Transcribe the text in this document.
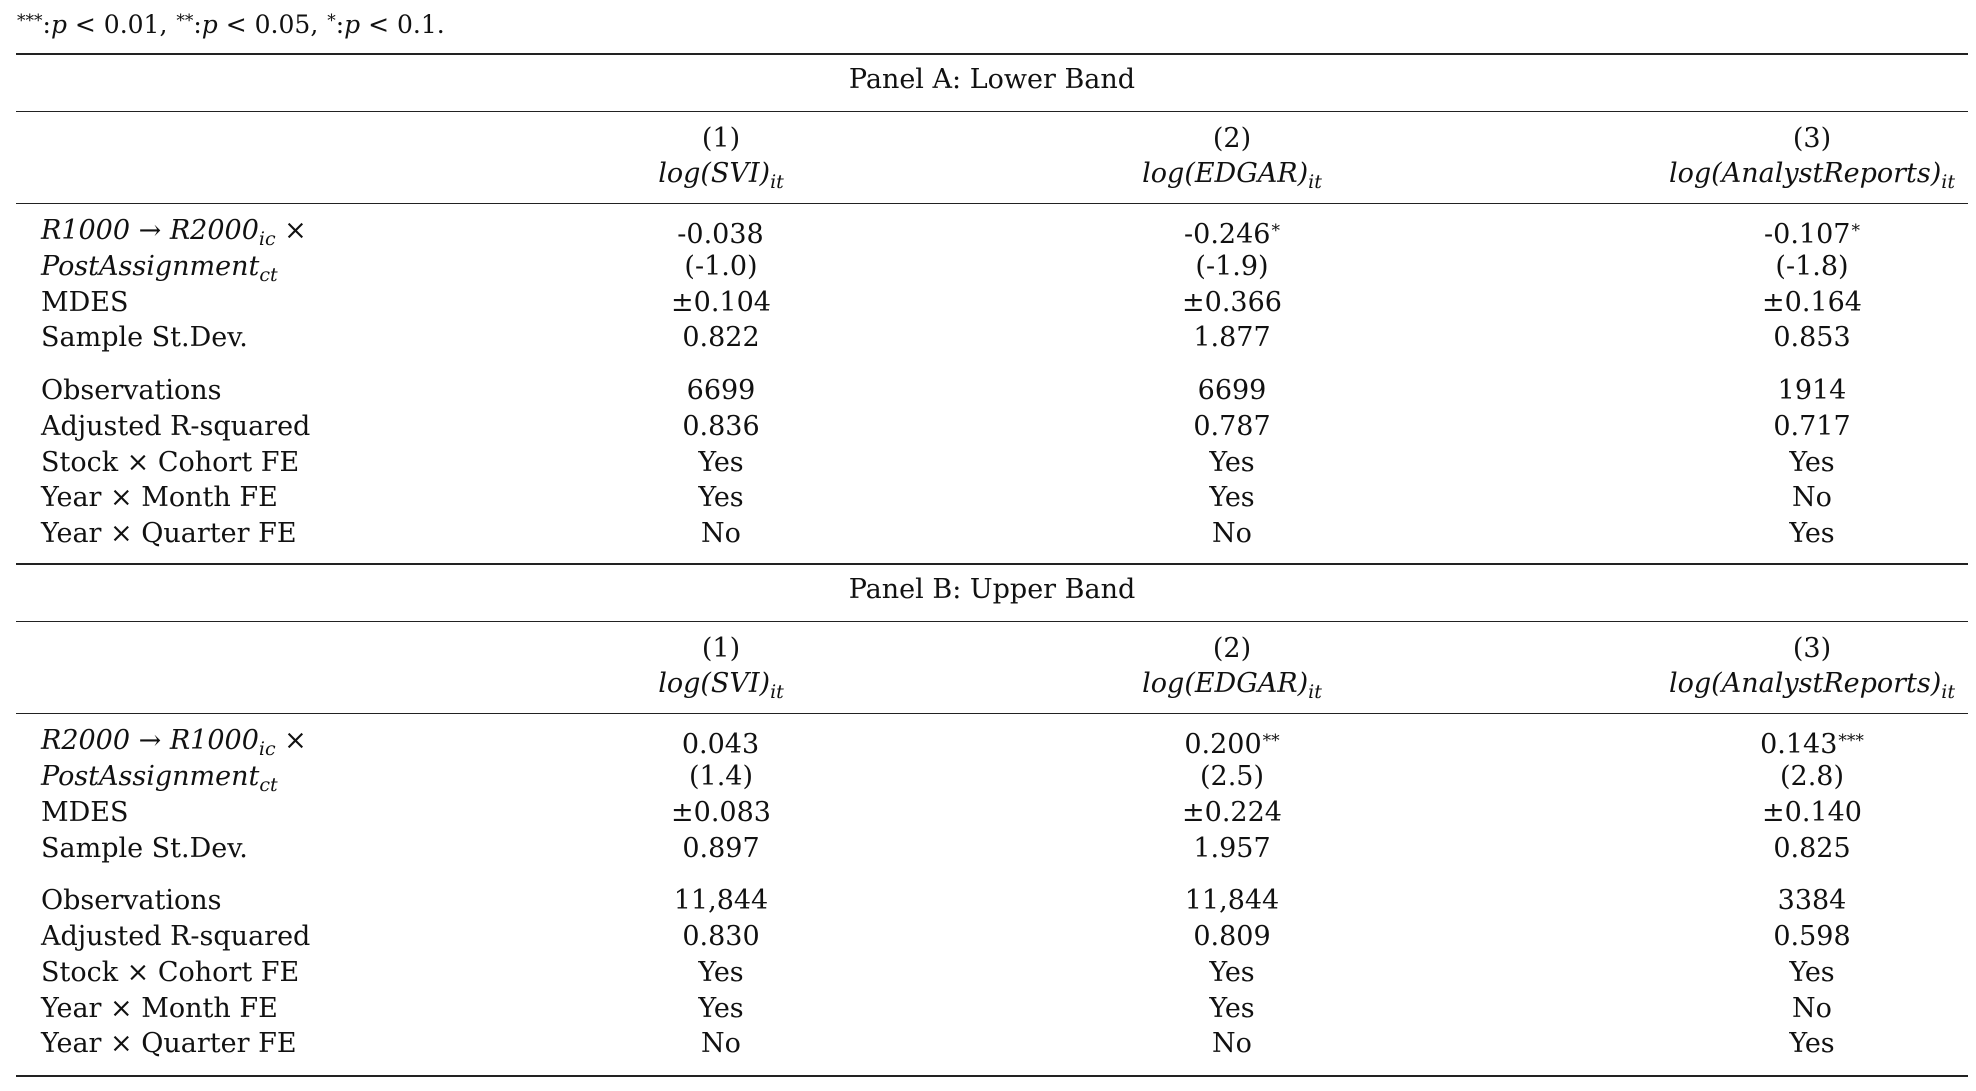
***:p < 0.01, **:p < 0.05, *:p < 0.1.
Panel A: Lower Band
(1)	(2)	(3)
$\log(SVI)_{it}$	$\log(EDGAR)_{it}$	$\log(AnalystReports)_{it}$
$R1000 \to R2000_{ic}$ ×	-0.038	-0.246*	-0.107*
PostAssignment$_{ct}$	(-1.0)	(-1.9)	(-1.8)
MDES	±0.104	±0.366	±0.164
Sample St.Dev.	0.822	1.877	0.853
Observations	6699	6699	1914
Adjusted R-squared	0.836	0.787	0.717
Stock × Cohort FE	Yes	Yes	Yes
Year × Month FE	Yes	Yes	No
Year × Quarter FE	No	No	Yes
Panel B: Upper Band
(1)	(2)	(3)
$\log(SVI)_{it}$	$\log(EDGAR)_{it}$	$\log(AnalystReports)_{it}$
$R2000 \to R1000_{ic}$ ×	0.043	0.200**	0.143***
PostAssignment$_{ct}$	(1.4)	(2.5)	(2.8)
MDES	±0.083	±0.224	±0.140
Sample St.Dev.	0.897	1.957	0.825
Observations	11,844	11,844	3384
Adjusted R-squared	0.830	0.809	0.598
Stock × Cohort FE	Yes	Yes	Yes
Year × Month FE	Yes	Yes	No
Year × Quarter FE	No	No	Yes
